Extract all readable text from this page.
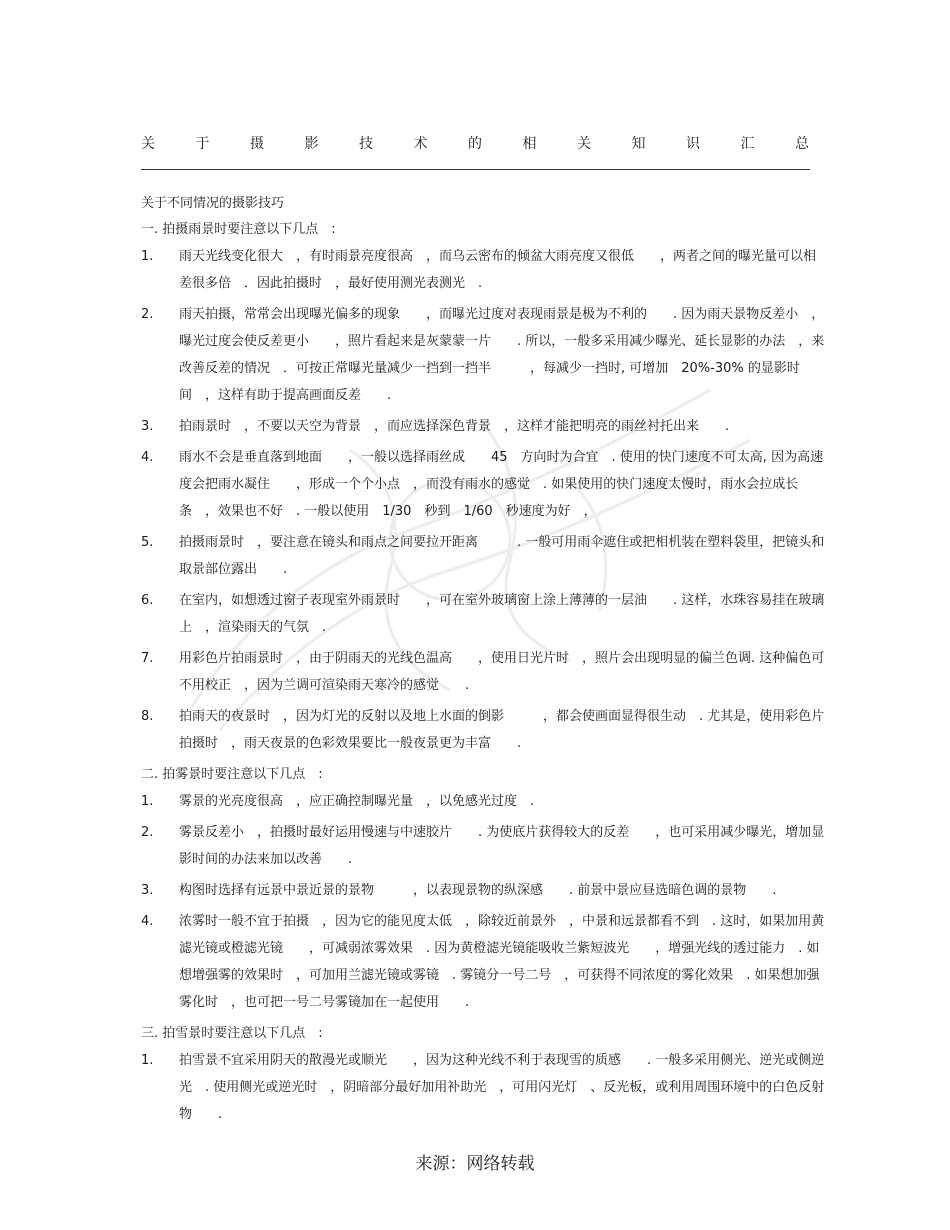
关	于	摄	影	技	术	的	相	关	知	识	汇	总
关于不同情况的摄影技巧
一. 拍摄雨景时要注意以下几点　:
1.	雨天光线变化很大　，有时雨景亮度很高　，而乌云密布的倾盆大雨亮度又很低　　，两者之间的曝光量可以相差很多倍　．因此拍摄时　，最好使用测光表测光　.
2.	雨天拍摄，常常会出现曝光偏多的现象　　，而曝光过度对表现雨景是极为不利的　　. 因为雨天景物反差小　，曝光过度会使反差更小　　，照片看起来是灰蒙蒙一片　　. 所以，一般多采用减少曝光、延长显影的办法　，来改善反差的情况　．可按正常曝光量减少一挡到一挡半　　　，每减少一挡时, 可增加　20%-30% 的显影时间　，这样有助于提高画面反差　　.
3.	拍雨景时　，不要以天空为背景　，而应选择深色背景　，这样才能把明亮的雨丝衬托出来　　.
4.	雨水不会是垂直落到地面　　，一般以选择雨丝成　　45　方向时为合宜　. 使用的快门速度不可太高, 因为高速度会把雨水凝住　　，形成一个个小点　，而没有雨水的感觉　. 如果使用的快门速度太慢时，雨水会拉成长条　，效果也不好　. 一般以使用　1/30　秒到　1/60　秒速度为好　，
5.	拍摄雨景时　，要注意在镜头和雨点之间要拉开距离　　　. 一般可用雨伞遮住或把相机装在塑料袋里，把镜头和取景部位露出　　.
6.	在室内，如想透过窗子表现室外雨景时　　，可在室外玻璃窗上涂上薄薄的一层油　　. 这样，水珠容易挂在玻璃上　，渲染雨天的气氛　.
7.	用彩色片拍雨景时　，由于阴雨天的光线色温高　　，使用日光片时　，照片会出现明显的偏兰色调. 这种偏色可不用校正　，因为兰调可渲染雨天寒冷的感觉　　.
8.	拍雨天的夜景时　，因为灯光的反射以及地上水面的倒影　　　，都会使画面显得很生动　. 尤其是，使用彩色片拍摄时　，雨天夜景的色彩效果要比一般夜景更为丰富　　.
二. 拍雾景时要注意以下几点　:
1.	雾景的光亮度很高　，应正确控制曝光量　，以免感光过度　.
2.	雾景反差小　，拍摄时最好运用慢速与中速胶片　　. 为使底片获得较大的反差　　，也可采用减少曝光，增加显影时间的办法来加以改善　　.
3.	构图时选择有远景中景近景的景物　　　，以表现景物的纵深感　　. 前景中景应昼选暗色调的景物　　.
4.	浓雾时一般不宜于拍摄　，因为它的能见度太低　，除较近前景外　，中景和远景都看不到　. 这时，如果加用黄滤光镜或橙滤光镜　　，可减弱浓雾效果　. 因为黄橙滤光镜能吸收兰紫短波光　　，增强光线的透过能力　. 如想增强雾的效果时　，可加用兰滤光镜或雾镜　. 雾镜分一号二号　，可获得不同浓度的雾化效果　. 如果想加强雾化时　，也可把一号二号雾镜加在一起使用　　.
三. 拍雪景时要注意以下几点　:
1.	拍雪景不宜采用阴天的散漫光或顺光　　，因为这种光线不利于表现雪的质感　　. 一般多采用侧光、逆光或侧逆光　. 使用侧光或逆光时　，阴暗部分最好加用补助光　，可用闪光灯　、反光板，或利用周围环境中的白色反射物　　.
来源：网络转载
